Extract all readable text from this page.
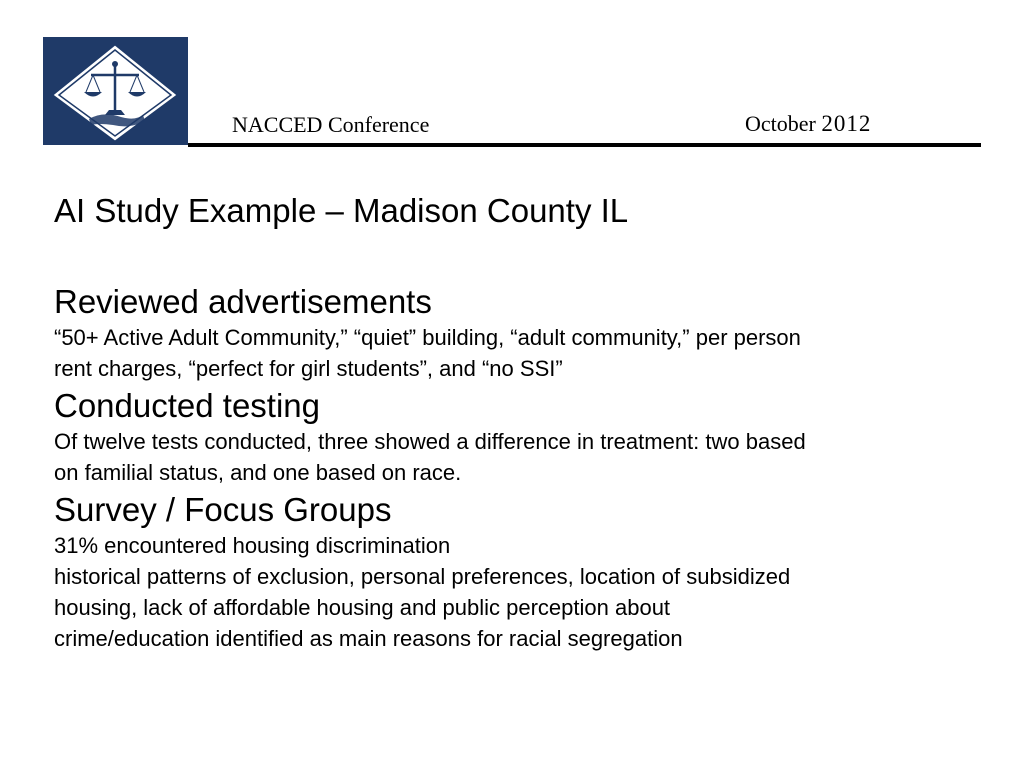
NACCED Conference	October 2012
AI Study Example – Madison County IL
Reviewed advertisements

“50+ Active Adult Community,” “quiet” building, “adult community,” per person
rent charges, “perfect for girl students”, and “no SSI”

Conducted testing

Of twelve tests conducted, three showed a difference in treatment: two based
on familial status, and one based on race.

Survey / Focus Groups

31% encountered housing discrimination
historical patterns of exclusion, personal preferences, location of subsidized
housing, lack of affordable housing and public perception about
crime/education identified as main reasons for racial segregation
